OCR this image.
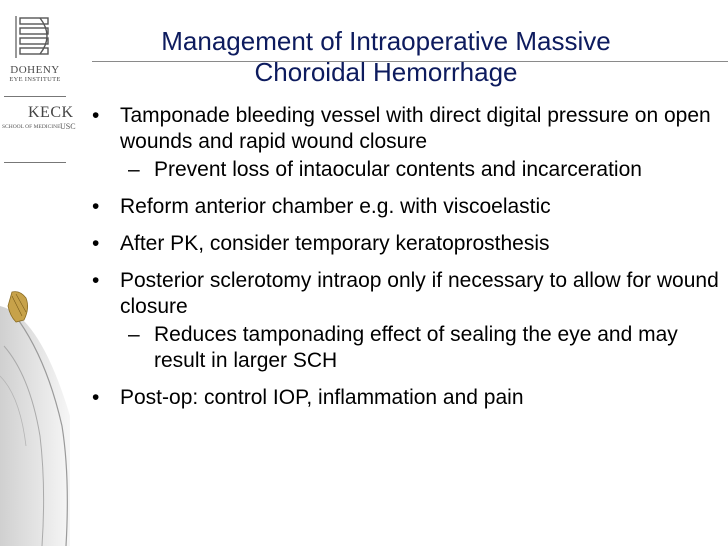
DOHENY
EYE INSTITUTE
KECK
SCHOOL OF MEDICINE USC
Management of Intraoperative Massive
Choroidal Hemorrhage
• Tamponade bleeding vessel with direct digital pressure on open wounds and rapid wound closure
– Prevent loss of intaocular contents and incarceration
• Reform anterior chamber e.g. with viscoelastic
• After PK, consider temporary keratoprosthesis
• Posterior sclerotomy intraop only if necessary to allow for wound closure
– Reduces tamponading effect of sealing the eye and may result in larger SCH
• Post-op: control IOP, inflammation and pain
